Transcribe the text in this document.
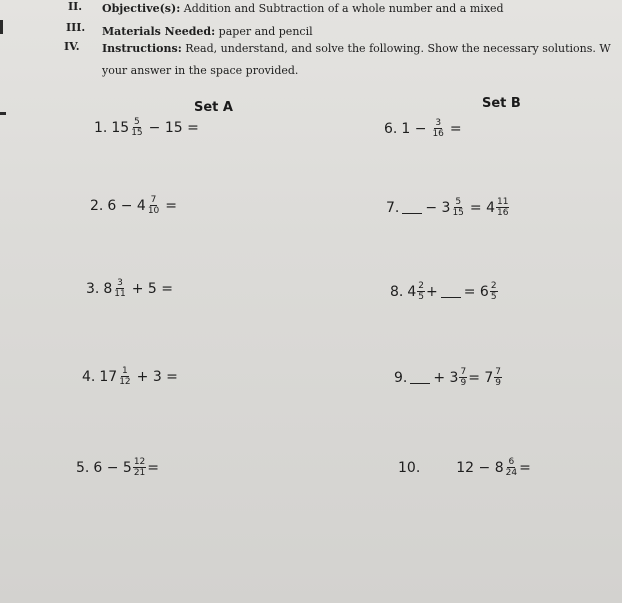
II. Objective(s): Addition and Subtraction of a whole number and a mixed
III. Materials Needed: paper and pencil
IV. Instructions: Read, understand, and solve the following. Show the necessary solutions. W
your answer in the space provided.
Set A	Set B
1. $15 \frac{5}{15} - 15$ =
2. $6 - 4 \frac{7}{10}$ =
3. $8 \frac{3}{11} + 5$ =
4. $17 \frac{1}{12} + 3$ =
5. $6 - 5 \frac{12}{21}$ =
6. $1 - \frac{3}{16}$ =
7. − $3 \frac{5}{15} = 4 \frac{11}{16}$
8. $4 \frac{2}{5}$ + = $6 \frac{2}{5}$
9. + $3 \frac{7}{9} = 7 \frac{7}{9}$
10.	$12 - 8 \frac{6}{24}$ =
